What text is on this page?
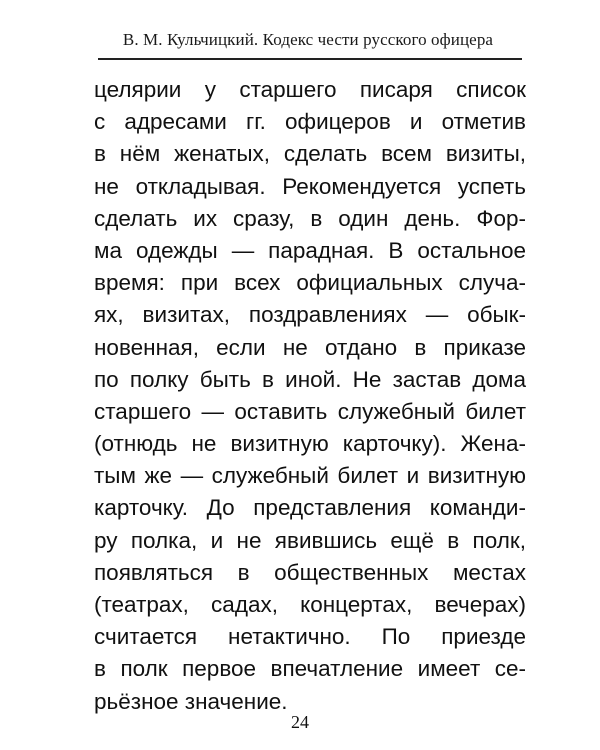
В. М. Кульчицкий. Кодекс чести русского офицера
целярии у старшего писаря список
с адресами гг. офицеров и отметив
в нём женатых, сделать всем визиты,
не откладывая. Рекомендуется успеть
сделать их сразу, в один день. Фор-
ма одежды — парадная. В остальное
время: при всех официальных случа-
ях, визитах, поздравлениях — обык-
новенная, если не отдано в приказе
по полку быть в иной. Не застав дома
старшего — оставить служебный билет
(отнюдь не визитную карточку). Жена-
тым же — служебный билет и визитную
карточку. До представления команди-
ру полка, и не явившись ещё в полк,
появляться в общественных местах
(театрах, садах, концертах, вечерах)
считается нетактично. По приезде
в полк первое впечатление имеет се-
рьёзное значение.
24
